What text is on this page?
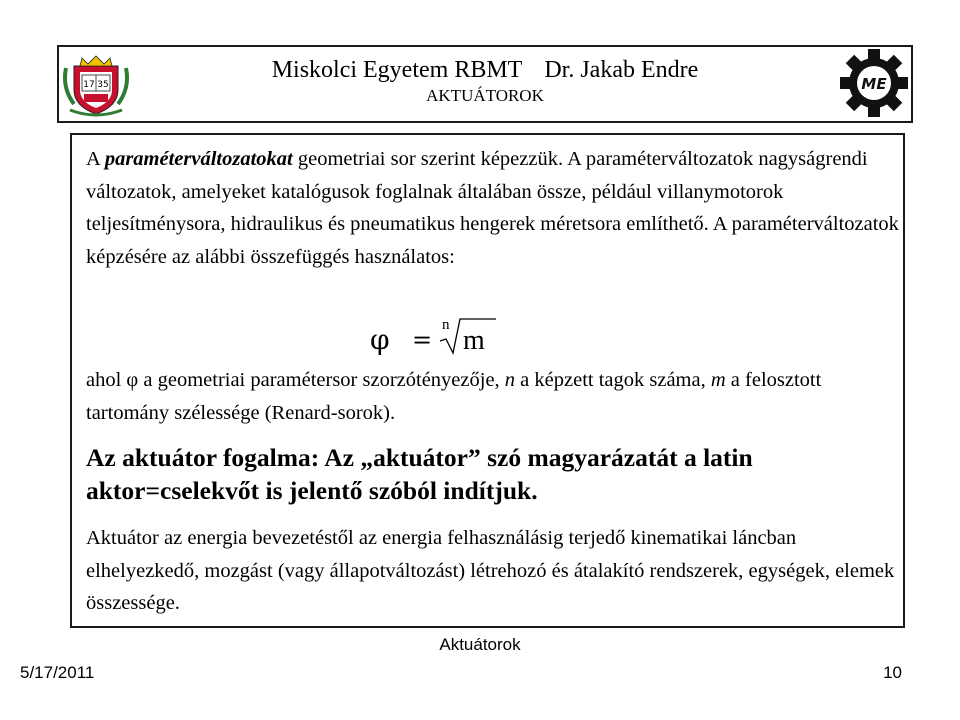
17 35
Miskolci Egyetem RBMT Dr. Jakab Endre
AKTUÁTOROK
ME

A paraméterváltozatokat geometriai sor szerint képezzük. A paraméterváltozatok nagyságrendi változatok, amelyeket katalógusok foglalnak általában össze, például villanymotorok teljesítménysora, hidraulikus és pneumatikus hengerek méretsora említhető. A paraméterváltozatok képzésére az alábbi összefüggés használatos:

φ =
n m

ahol φ a geometriai paramétersor szorzótényezője, n a képzett tagok száma, m a felosztott tartomány szélessége (Renard-sorok).

Az aktuátor fogalma: Az „aktuátor” szó magyarázatát a latin aktor=cselekvőt is jelentő szóból indítjuk.

Aktuátor az energia bevezetéstől az energia felhasználásig terjedő kinematikai láncban elhelyezkedő, mozgást (vagy állapotváltozást) létrehozó és átalakító rendszerek, egységek, elemek összessége.

Aktuátorok
5/17/2011	10
